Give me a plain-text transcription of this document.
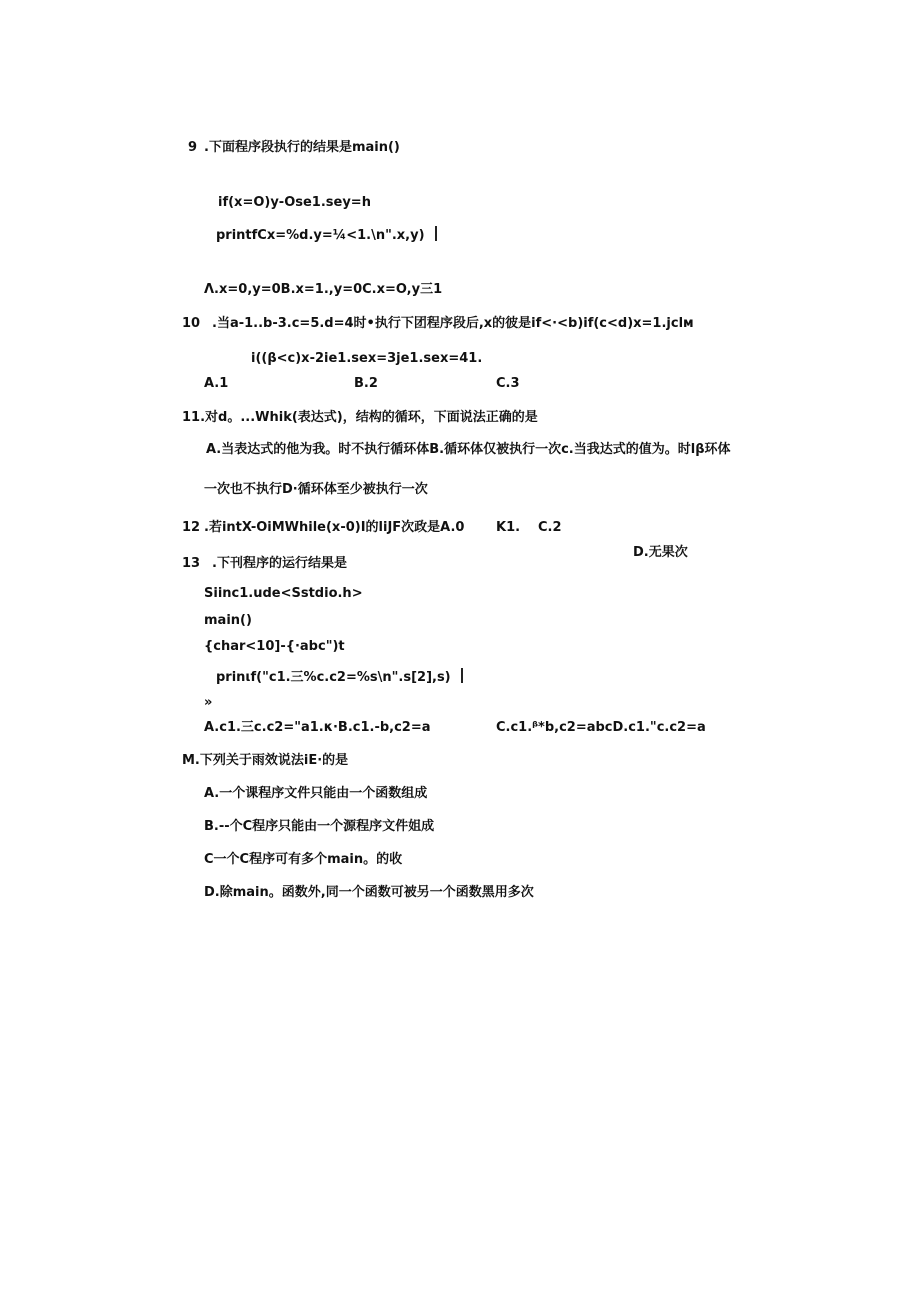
9 .下面程序段执行的结果是main()
if(x=O)y-Ose1.sey=h
printfCx=%d.y=¼<1.\n".x,y)
Λ.x=0,y=0B.x=1.,y=0C.x=O,y三1
10 .当a-1..b-3.c=5.d=4时•执行下团程序段后,x的彼是if<·<b)if(c<d)x=1.jclм
i((β<c)x-2ie1.sex=3je1.sex=41.
A.1	B.2	C.3
11.对d。...Whik(表达式)，结构的循环，下面说法正确的是
A.当表达式的他为我。时不执行循环体B.循环体仅被执行一次c.当我达式的值为。时lβ环体
一次也不执行D·循环体至少被执行一次
12 .若intX-OiMWhile(x-0)I的liJF次政是A.0 K1. C.2
D.无果次
13 .下刊程序的运行结果是
Siinc1.ude<Sstdio.h>
main()
{char<10]-{·abc")t
prinιf("c1.三%c.c2=%s\n".s[2],s)
»
A.c1.三c.c2="a1.κ·B.c1.-b,c2=a	C.c1.ᵝ*b,c2=abcD.c1."c.c2=a
M.下列关于雨效说法iE·的是
A.一个课程序文件只能由一个函数组成
B.--个C程序只能由一个源程序文件姐成
C一个C程序可有多个main。的收
D.除main。函数外,同一个函数可被另一个函数黑用多次
